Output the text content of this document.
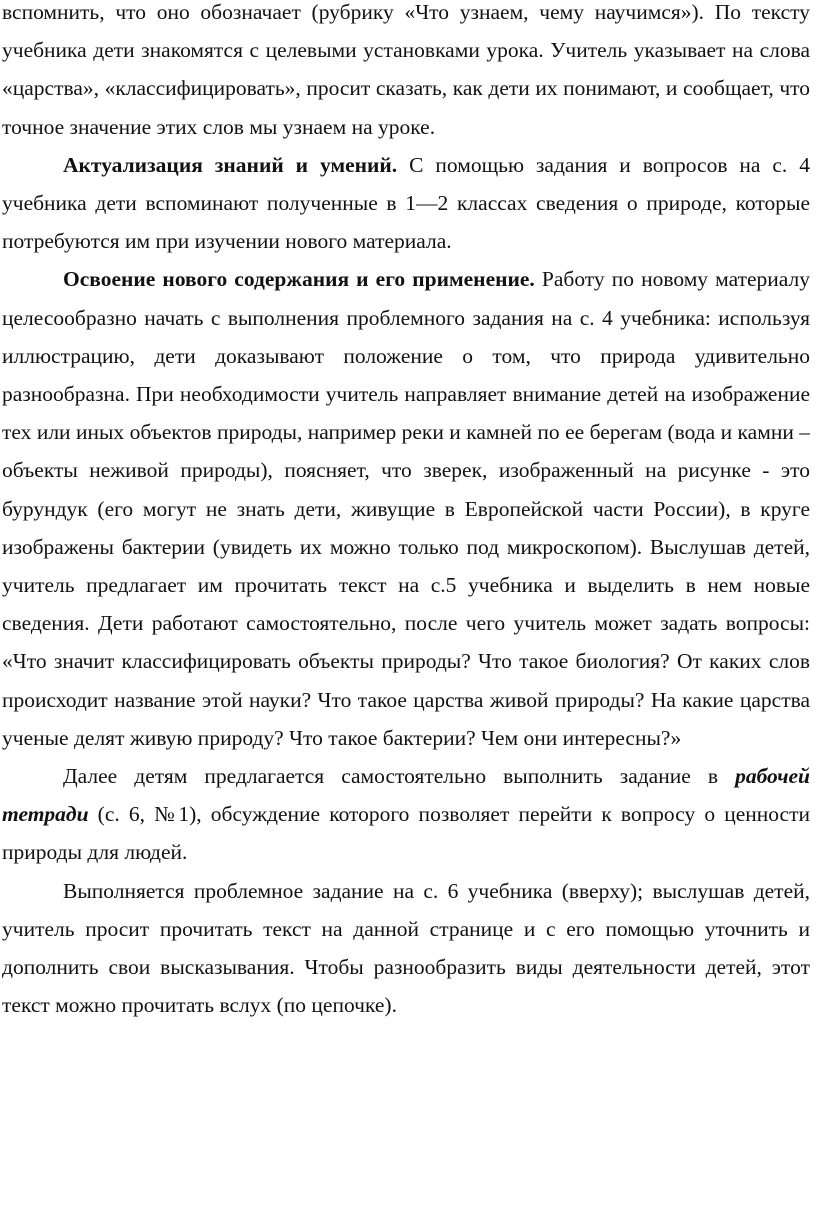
вспомнить, что оно обозначает (рубрику «Что узнаем, чему научимся»). По тексту учебника дети знакомятся с целевыми установками урока. Учитель указывает на слова «царства», «классифицировать», просит сказать, как дети их понимают, и сообщает, что точное значение этих слов мы узнаем на уроке.

Актуализация знаний и умений. С помощью задания и вопросов на с. 4 учебника дети вспоминают полученные в 1—2 классах сведения о природе, которые потребуются им при изучении нового материала.

Освоение нового содержания и его применение. Работу по новому материалу целесообразно начать с выполнения проблемного задания на с. 4 учебника: используя иллюстрацию, дети доказывают положение о том, что природа удивительно разнообразна. При необходимости учитель направляет внимание детей на изображение тех или иных объектов природы, например реки и камней по ее берегам (вода и камни – объекты неживой природы), поясняет, что зверек, изображенный на рисунке - это бурундук (его могут не знать дети, живущие в Европейской части России), в круге изображены бактерии (увидеть их можно только под микроскопом). Выслушав детей, учитель предлагает им прочитать текст на с.5 учебника и выделить в нем новые сведения. Дети работают самостоятельно, после чего учитель может задать вопросы: «Что значит классифицировать объекты природы? Что такое биология? От каких слов происходит название этой науки? Что такое царства живой природы? На какие царства ученые делят живую природу? Что такое бактерии? Чем они интересны?»

Далее детям предлагается самостоятельно выполнить задание в рабочей тетради (с. 6, №1), обсуждение которого позволяет перейти к вопросу о ценности природы для людей.

Выполняется проблемное задание на с. 6 учебника (вверху); выслушав детей, учитель просит прочитать текст на данной странице и с его помощью уточнить и дополнить свои высказывания. Чтобы разнообразить виды деятельности детей, этот текст можно прочитать вслух (по цепочке).
